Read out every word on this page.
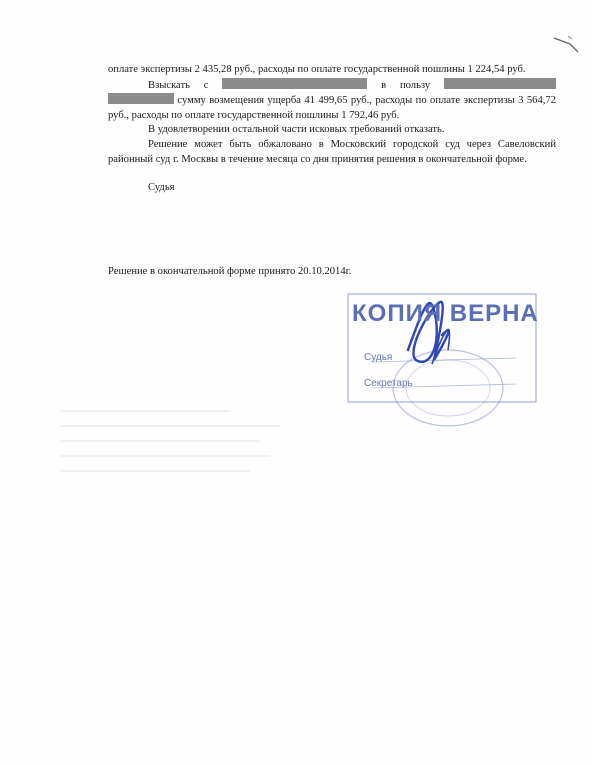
оплате экспертизы 2 435,28 руб., расходы по оплате государственной пошлины 1 224,54 руб.

Взыскать с	в пользу   сумму возмещения ущерба 41 499,65 руб., расходы по оплате экспертизы 3 564,72 руб., расходы по оплате государственной пошлины 1 792,46 руб.

В удовлетворении остальной части исковых требований отказать.

Решение может быть обжаловано в Московский городской суд через Савеловский районный суд г. Москвы в течение месяца со дня принятия решения в окончательной форме.

Судья

Решение в окончательной форме принято 20.10.2014г.
КОПИЯ ВЕРНА
Судья
Секретарь
